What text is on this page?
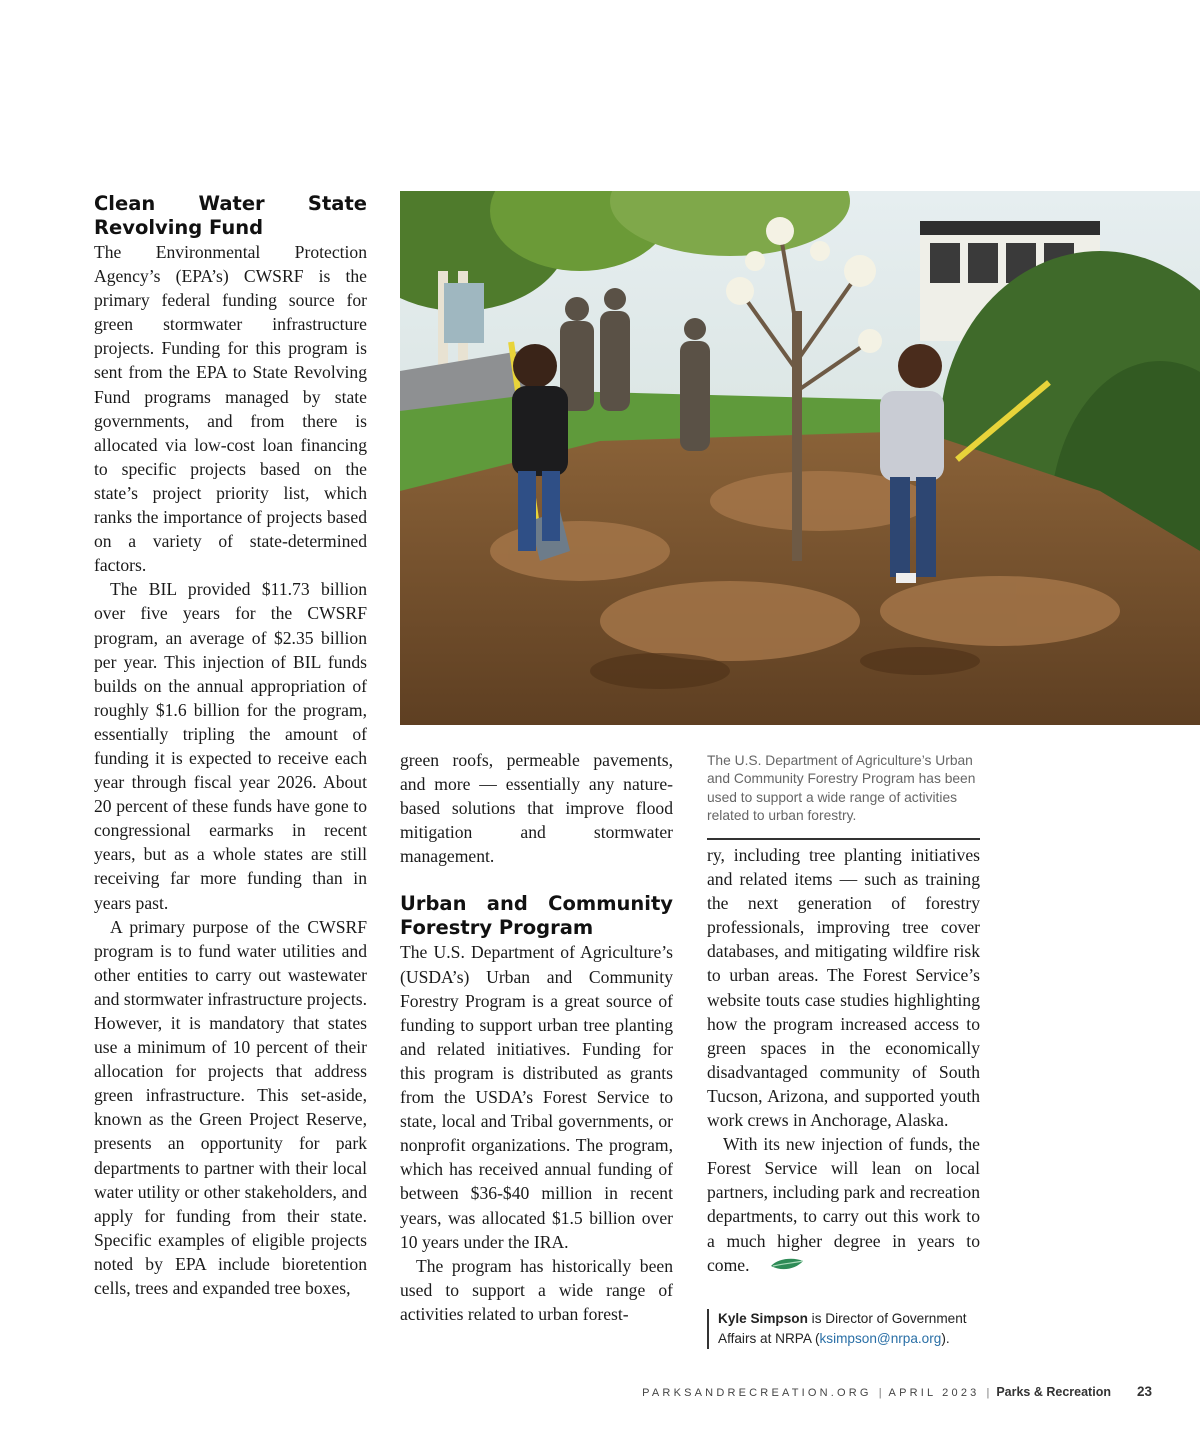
Clean Water State Revolving Fund

The Environmental Protection Agency’s (EPA’s) CWSRF is the primary federal funding source for green stormwater infrastructure projects. Funding for this program is sent from the EPA to State Revolving Fund programs managed by state governments, and from there is allocated via low-cost loan financing to specific projects based on the state’s project priority list, which ranks the importance of projects based on a variety of state-determined factors.

The BIL provided $11.73 billion over five years for the CWSRF program, an average of $2.35 billion per year. This injection of BIL funds builds on the annual appropriation of roughly $1.6 billion for the program, essentially tripling the amount of funding it is expected to receive each year through fiscal year 2026. About 20 percent of these funds have gone to congressional earmarks in recent years, but as a whole states are still receiving far more funding than in years past.

A primary purpose of the CWSRF program is to fund water utilities and other entities to carry out wastewater and stormwater infrastructure projects. However, it is mandatory that states use a minimum of 10 percent of their allocation for projects that address green infrastructure. This set-aside, known as the Green Project Reserve, presents an opportunity for park departments to partner with their local water utility or other stakeholders, and apply for funding from their state. Specific examples of eligible projects noted by EPA include bioretention cells, trees and expanded tree boxes,

The U.S. Department of Agriculture’s Urban and Community Forestry Program has been used to support a wide range of activities related to urban forestry.

green roofs, permeable pavements, and more — essentially any nature-based solutions that improve flood mitigation and stormwater management.

Urban and Community Forestry Program

The U.S. Department of Agriculture’s (USDA’s) Urban and Community Forestry Program is a great source of funding to support urban tree planting and related initiatives. Funding for this program is distributed as grants from the USDA’s Forest Service to state, local and Tribal governments, or nonprofit organizations. The program, which has received annual funding of between $36-$40 million in recent years, was allocated $1.5 billion over 10 years under the IRA.

The program has historically been used to support a wide range of activities related to urban forest-

ry, including tree planting initiatives and related items — such as training the next generation of forestry professionals, improving tree cover databases, and mitigating wildfire risk to urban areas. The Forest Service’s website touts case studies highlighting how the program increased access to green spaces in the economically disadvantaged community of South Tucson, Arizona, and supported youth work crews in Anchorage, Alaska.

With its new injection of funds, the Forest Service will lean on local partners, including park and recreation departments, to carry out this work to a much higher degree in years to come.

Kyle Simpson is Director of Government Affairs at NRPA (ksimpson@nrpa.org).
PARKSANDRECREATION.ORG | APRIL 2023 | Parks & Recreation 23
